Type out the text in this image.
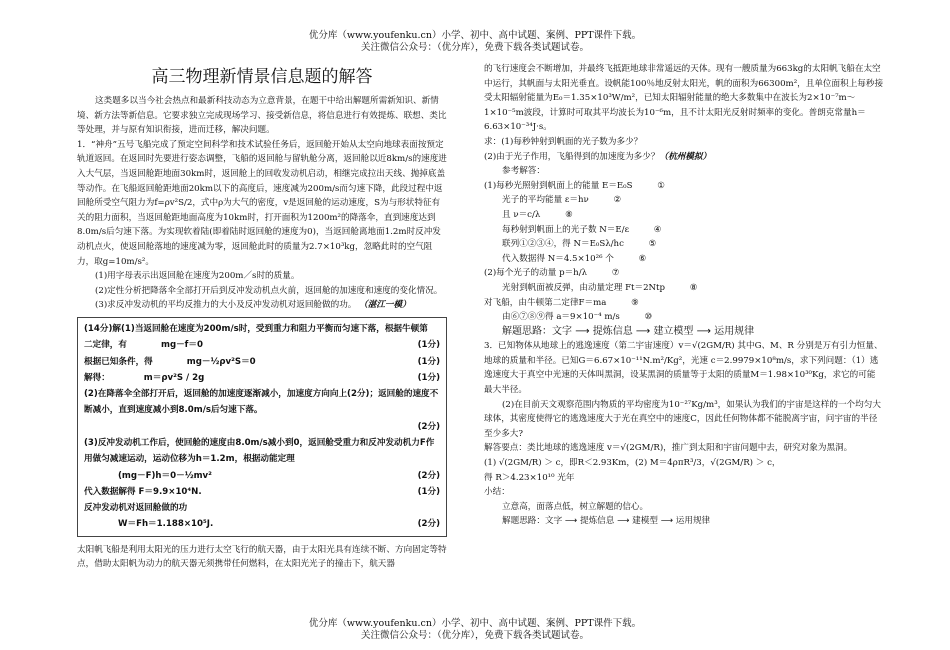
优分库（www.youfenku.cn）小学、初中、高中试题、案例、PPT课件下载。
关注微信公众号：（优分库），免费下载各类试题试卷。

高三物理新情景信息题的解答

这类题多以当今社会热点和最新科技动态为立意背景，在题干中给出解题所需新知识、新情境、新方法等新信息。它要求独立完成现场学习、接受新信息，将信息进行有效提炼、联想、类比等处理，并与原有知识衔接，进而迁移，解决问题。

1．“神舟”五号飞船完成了预定空间科学和技术试验任务后，返回舱开始从太空向地球表面按预定轨道返回。在返回时先要进行姿态调整，飞船的返回舱与留轨舱分离，返回舱以近8km/s的速度进入大气层，当返回舱距地面30km时，返回舱上的回收发动机启动，相继完成拉出天线、抛掉底盖等动作。在飞船返回舱距地面20km以下的高度后，速度减为200m/s而匀速下降，此段过程中返回舱所受空气阻力为f=ρv²S/2，式中ρ为大气的密度，v是返回舱的运动速度，S为与形状特征有关的阻力面积，当返回舱距地面高度为10km时，打开面积为1200m²的降落伞，直到速度达到8.0m/s后匀速下落。为实现软着陆(即着陆时返回舱的速度为0)，当返回舱离地面1.2m时反冲发动机点火，使返回舱落地的速度减为零，返回舱此时的质量为2.7×10³kg，忽略此时的空气阻力，取g=10m/s²。

(1)用字母表示出返回舱在速度为200m／s时的质量。

(2)定性分析把降落伞全部打开后到反冲发动机点火前，返回舱的加速度和速度的变化情况。

(3)求反冲发动机的平均反推力的大小及反冲发动机对返回舱做的功。 （湛江一模）

(14分)解(1)当返回舱在速度为200m/s时，受到重力和阻力平衡而匀速下落，根据牛顿第
二定律，有	mg－f＝0	(1分)
根据已知条件，得	mg－½ρv²S＝0	(1分)
解得：	m＝ρv²S / 2g	(1分)
(2)在降落伞全部打开后，返回舱的加速度逐渐减小，加速度方向向上(2分)；返回舱的速度不断减小，直到速度减小到8.0m/s后匀速下落。
(2分)
(3)反冲发动机工作后，使回舱的速度由8.0m/s减小到0，返回舱受重力和反冲发动机力F作用做匀减速运动，运动位移为h＝1.2m，根据动能定理
(mg－F)h＝0－½mv²	(2分)
代入数据解得 F＝9.9×10⁴N.	(1分)
反冲发动机对返回舱做的功
W＝Fh＝1.188×10⁵J.	(2分)

太阳帆飞船是利用太阳光的压力进行太空飞行的航天器，由于太阳光具有连续不断、方向固定等特点，借助太阳帆为动力的航天器无须携带任何燃料，在太阳光光子的撞击下，航天器

的飞行速度会不断增加，并最终飞抵距地球非常遥远的天体。现有一艘质量为663kg的太阳帆飞船在太空中运行，其帆面与太阳光垂直。设帆能100％地反射太阳光，帆的面积为66300m²，且单位面积上每秒接受太阳辐射能量为E₀＝1.35×10³W/m²，已知太阳辐射能量的绝大多数集中在波长为2×10⁻⁷m～1×10⁻⁵m波段，计算时可取其平均波长为10⁻⁶m，且不计太阳光反射时频率的变化。普朗克常量h＝6.63×10⁻³⁴J·s。

求：(1)每秒钟射到帆面的光子数为多少？

(2)由于光子作用，飞船得到的加速度为多少？（杭州模拟）

参考解答：

(1)每秒光照射到帆面上的能量 E＝E₀S	①

光子的平均能量 ε＝hν	②

且 ν＝c/λ	⑧

每秒射到帆面上的光子数 N＝E/ε	④

联列①②③④，得 N＝E₀Sλ/hc	⑤

代入数据得 N＝4.5×10²⁶ 个	⑥

(2)每个光子的动量 p＝h/λ	⑦

光射到帆面被反弹，由动量定理 Ft＝2Ntp	⑧

对飞船，由牛顿第二定律F＝ma	⑨

由⑥⑦⑧⑨得 a＝9×10⁻⁴ m/s	⑩

解题思路：文字 ⟶ 提炼信息 ⟶ 建立模型 ⟶ 运用规律

3．已知物体从地球上的逃逸速度（第二宇宙速度）v＝√(2GM/R) 其中G、M、R 分别是万有引力恒量、地球的质量和半径。已知G＝6.67×10⁻¹¹N.m²/Kg²，光速 c＝2.9979×10⁸m/s，求下列问题：（1）逃逸速度大于真空中光速的天体叫黑洞，设某黑洞的质量等于太阳的质量M＝1.98×10³⁰Kg，求它的可能最大半径。

(2)在目前天文观察范围内物质的平均密度为10⁻²⁷Kg/m³，如果认为我们的宇宙是这样的一个均匀大球体，其密度使得它的逃逸速度大于光在真空中的速度C，因此任何物体都不能脱离宇宙，问宇宙的半径至少多大?

解答要点：类比地球的逃逸速度 v＝√(2GM/R)，推广到太阳和宇宙问题中去，研究对象为黑洞。

(1) √(2GM/R) ＞ c，即R＜2.93Km，(2) M＝4ρπR³/3，√(2GM/R) ＞ c，

得 R＞4.23×10¹⁰ 光年

小结：

立意高，面落点低，树立解题的信心。

解题思路：文字 ⟶ 提炼信息 ⟶ 建模型 ⟶ 运用规律

优分库（www.youfenku.cn）小学、初中、高中试题、案例、PPT课件下载。
关注微信公众号：（优分库），免费下载各类试题试卷。
